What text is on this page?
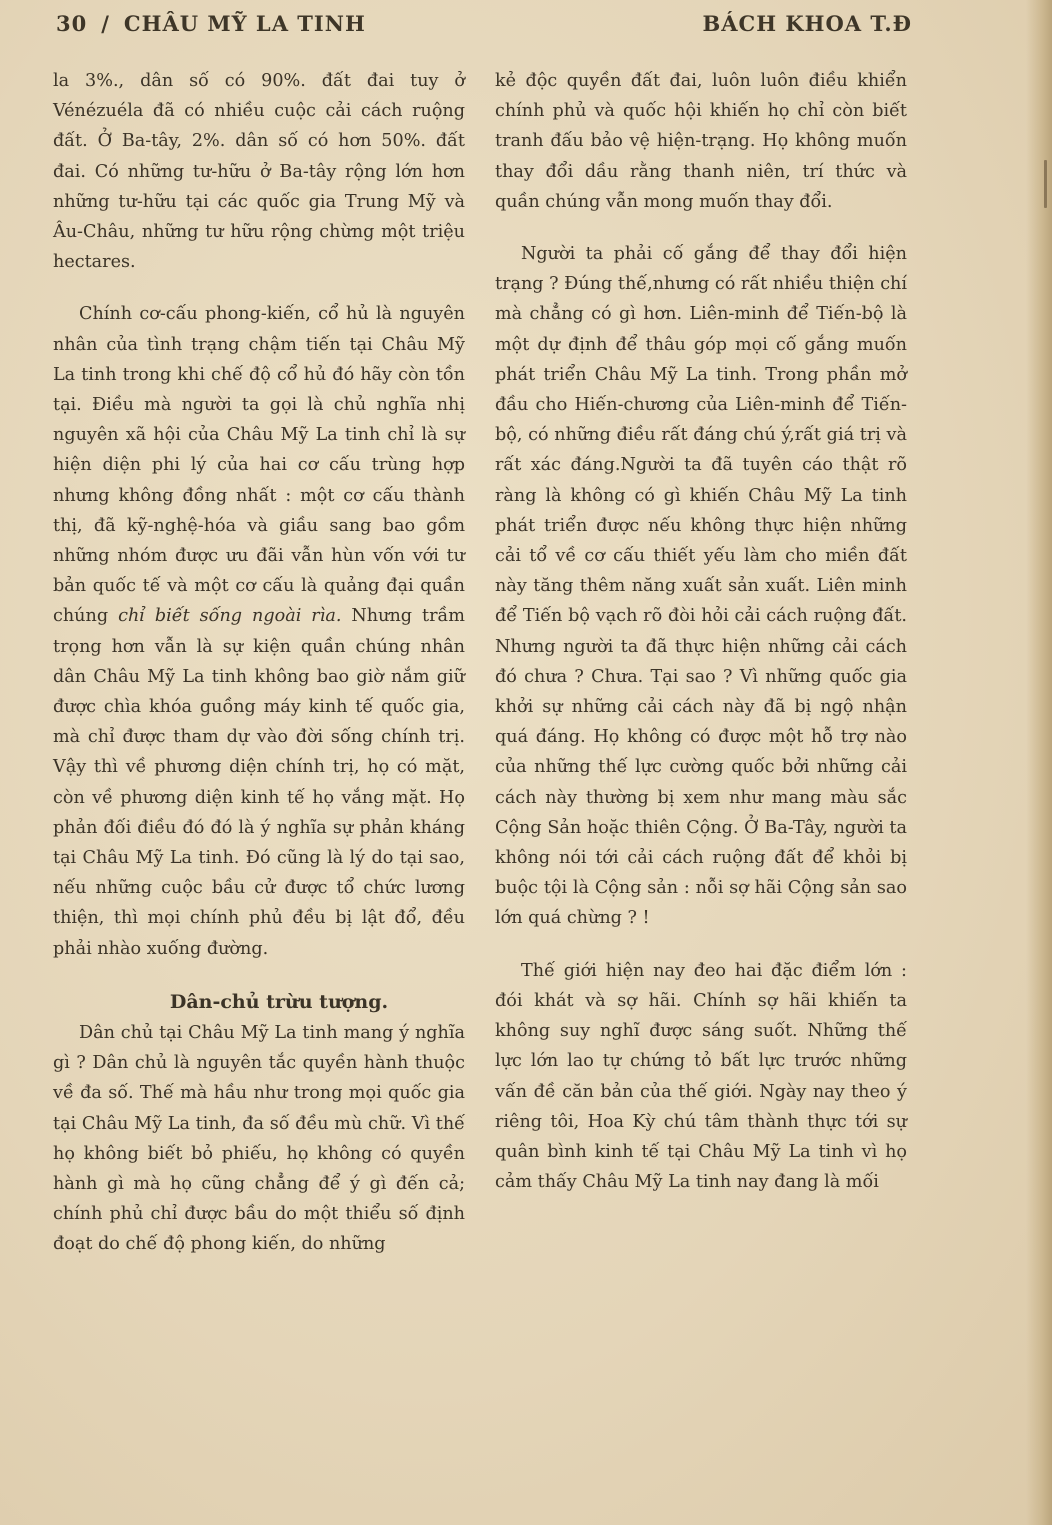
30 / CHÂU MỸ LA TINH	BÁCH KHOA T.Đ

la 3%., dân số có 90%. đất đai tuy ở Vénézuéla đã có nhiều cuộc cải cách ruộng đất. Ở Ba-tây, 2%. dân số có hơn 50%. đất đai. Có những tư-hữu ở Ba-tây rộng lớn hơn những tư-hữu tại các quốc gia Trung Mỹ và Âu-Châu, những tư hữu rộng chừng một triệu hectares.

Chính cơ-cấu phong-kiến, cổ hủ là nguyên nhân của tình trạng chậm tiến tại Châu Mỹ La tinh trong khi chế độ cổ hủ đó hãy còn tồn tại. Điều mà người ta gọi là chủ nghĩa nhị nguyên xã hội của Châu Mỹ La tinh chỉ là sự hiện diện phi lý của hai cơ cấu trùng hợp nhưng không đồng nhất : một cơ cấu thành thị, đã kỹ-nghệ-hóa và giầu sang bao gồm những nhóm được ưu đãi vẫn hùn vốn với tư bản quốc tế và một cơ cấu là quảng đại quần chúng chỉ biết sống ngoài rìa. Nhưng trầm trọng hơn vẫn là sự kiện quần chúng nhân dân Châu Mỹ La tinh không bao giờ nắm giữ được chìa khóa guồng máy kinh tế quốc gia, mà chỉ được tham dự vào đời sống chính trị. Vậy thì về phương diện chính trị, họ có mặt, còn về phương diện kinh tế họ vắng mặt. Họ phản đối điều đó đó là ý nghĩa sự phản kháng tại Châu Mỹ La tinh. Đó cũng là lý do tại sao, nếu những cuộc bầu cử được tổ chức lương thiện, thì mọi chính phủ đều bị lật đổ, đều phải nhào xuống đường.

Dân-chủ trừu tượng.

Dân chủ tại Châu Mỹ La tinh mang ý nghĩa gì ? Dân chủ là nguyên tắc quyền hành thuộc về đa số. Thế mà hầu như trong mọi quốc gia tại Châu Mỹ La tinh, đa số đều mù chữ. Vì thế họ không biết bỏ phiếu, họ không có quyền hành gì mà họ cũng chẳng để ý gì đến cả; chính phủ chỉ được bầu do một thiểu số định đoạt do chế độ phong kiến, do những

kẻ độc quyền đất đai, luôn luôn điều khiển chính phủ và quốc hội khiến họ chỉ còn biết tranh đấu bảo vệ hiện-trạng. Họ không muốn thay đổi dầu rằng thanh niên, trí thức và quần chúng vẫn mong muốn thay đổi.

Người ta phải cố gắng để thay đổi hiện trạng ? Đúng thế,nhưng có rất nhiều thiện chí mà chẳng có gì hơn. Liên-minh để Tiến-bộ là một dự định để thâu góp mọi cố gắng muốn phát triển Châu Mỹ La tinh. Trong phần mở đầu cho Hiến-chương của Liên-minh để Tiến-bộ, có những điều rất đáng chú ý,rất giá trị và rất xác đáng.Người ta đã tuyên cáo thật rõ ràng là không có gì khiến Châu Mỹ La tinh phát triển được nếu không thực hiện những cải tổ về cơ cấu thiết yếu làm cho miền đất này tăng thêm năng xuất sản xuất. Liên minh để Tiến bộ vạch rõ đòi hỏi cải cách ruộng đất. Nhưng người ta đã thực hiện những cải cách đó chưa ? Chưa. Tại sao ? Vì những quốc gia khởi sự những cải cách này đã bị ngộ nhận quá đáng. Họ không có được một hỗ trợ nào của những thế lực cường quốc bởi những cải cách này thường bị xem như mang màu sắc Cộng Sản hoặc thiên Cộng. Ở Ba-Tây, người ta không nói tới cải cách ruộng đất để khỏi bị buộc tội là Cộng sản : nỗi sợ hãi Cộng sản sao lớn quá chừng ? !

Thế giới hiện nay đeo hai đặc điểm lớn : đói khát và sợ hãi. Chính sợ hãi khiến ta không suy nghĩ được sáng suốt. Những thế lực lớn lao tự chứng tỏ bất lực trước những vấn đề căn bản của thế giới. Ngày nay theo ý riêng tôi, Hoa Kỳ chú tâm thành thực tới sự quân bình kinh tế tại Châu Mỹ La tinh vì họ cảm thấy Châu Mỹ La tinh nay đang là mối
